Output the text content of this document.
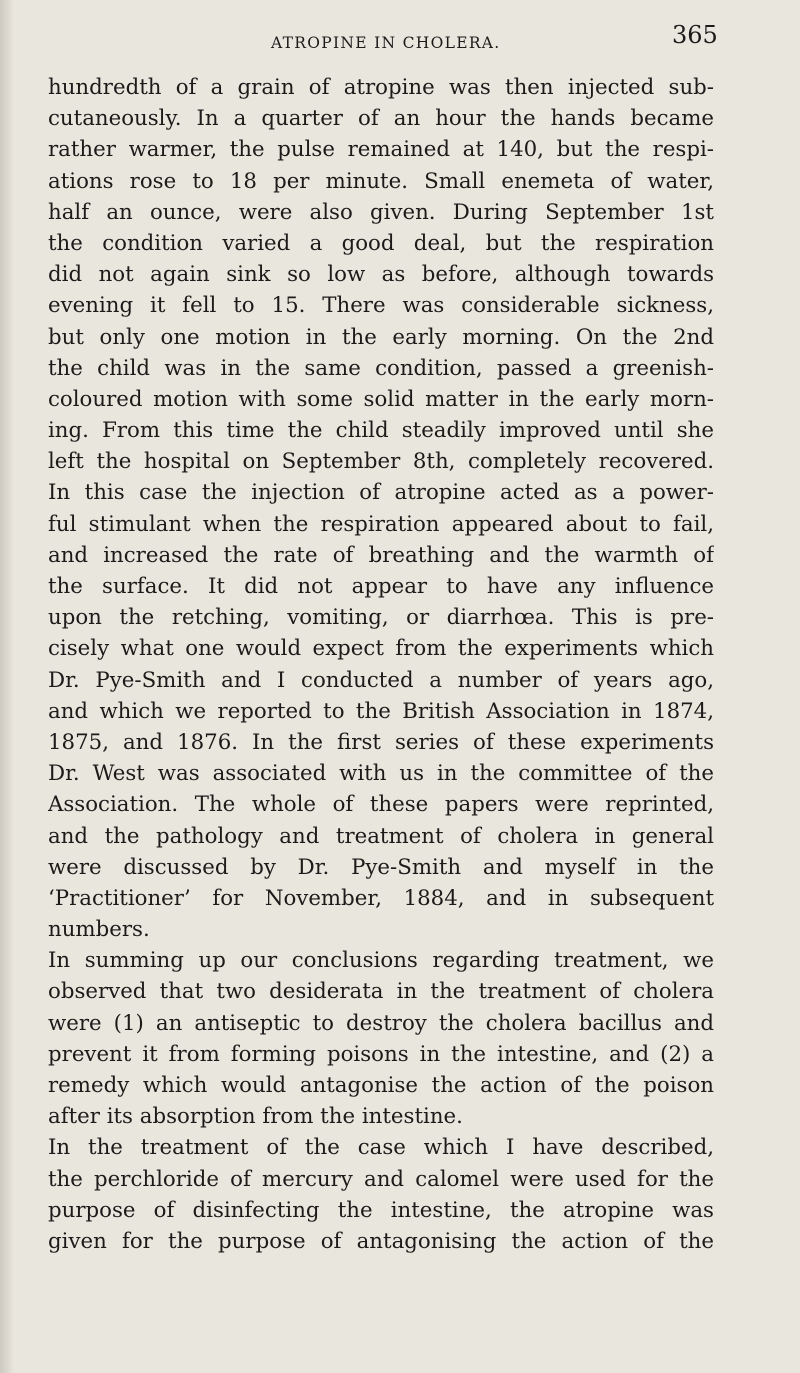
ATROPINE IN CHOLERA.	365
hundredth of a grain of atropine was then injected sub-
cutaneously. In a quarter of an hour the hands became
rather warmer, the pulse remained at 140, but the respi-
ations rose to 18 per minute. Small enemeta of water,
half an ounce, were also given. During September 1st
the condition varied a good deal, but the respiration
did not again sink so low as before, although towards
evening it fell to 15. There was considerable sickness,
but only one motion in the early morning. On the 2nd
the child was in the same condition, passed a greenish-
coloured motion with some solid matter in the early morn-
ing. From this time the child steadily improved until she
left the hospital on September 8th, completely recovered.
In this case the injection of atropine acted as a power-
ful stimulant when the respiration appeared about to fail,
and increased the rate of breathing and the warmth of
the surface. It did not appear to have any influence
upon the retching, vomiting, or diarrhœa. This is pre-
cisely what one would expect from the experiments which
Dr. Pye-Smith and I conducted a number of years ago,
and which we reported to the British Association in 1874,
1875, and 1876. In the first series of these experiments
Dr. West was associated with us in the committee of the
Association. The whole of these papers were reprinted,
and the pathology and treatment of cholera in general
were discussed by Dr. Pye-Smith and myself in the
‘Practitioner’ for November, 1884, and in subsequent
numbers.
In summing up our conclusions regarding treatment, we
observed that two desiderata in the treatment of cholera
were (1) an antiseptic to destroy the cholera bacillus and
prevent it from forming poisons in the intestine, and (2) a
remedy which would antagonise the action of the poison
after its absorption from the intestine.
In the treatment of the case which I have described,
the perchloride of mercury and calomel were used for the
purpose of disinfecting the intestine, the atropine was
given for the purpose of antagonising the action of the
